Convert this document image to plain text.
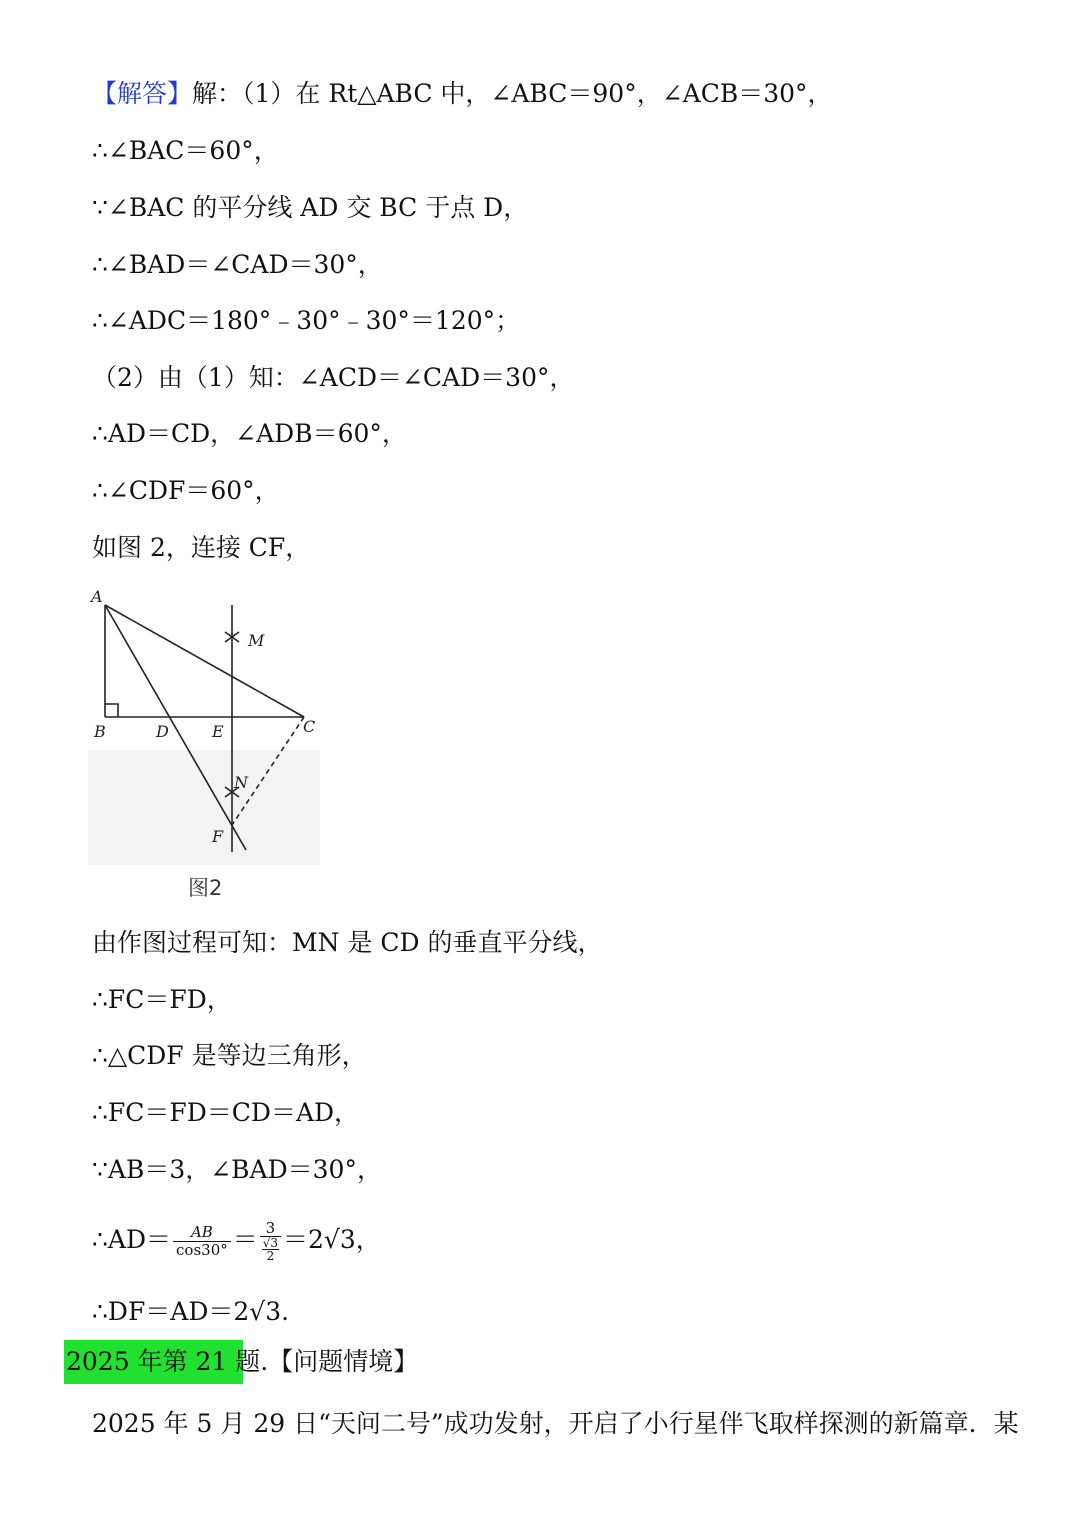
【解答】解：（1）在 Rt△ABC 中，∠ABC＝90°，∠ACB＝30°，
∴∠BAC＝60°，
∵∠BAC 的平分线 AD 交 BC 于点 D，
∴∠BAD＝∠CAD＝30°，
∴∠ADC＝180°﹣30°﹣30°＝120°；
（2）由（1）知：∠ACD＝∠CAD＝30°，
∴AD＝CD，∠ADB＝60°，
∴∠CDF＝60°，
如图 2，连接 CF，
A
B	D	E	C
M
N
F
图2
由作图过程可知：MN 是 CD 的垂直平分线，
∴FC＝FD，
∴△CDF 是等边三角形，
∴FC＝FD＝CD＝AD，
∵AB＝3，∠BAD＝30°，
∴AD＝ $\frac{AB}{\cos 30^\circ} = \frac{3}{\frac{√3}{2}} =2√3$，
∴DF＝AD＝2√3.
2025 年第 21 题.【问题情境】
2025 年 5 月 29 日“天问二号”成功发射，开启了小行星伴飞取样探测的新篇章．某
